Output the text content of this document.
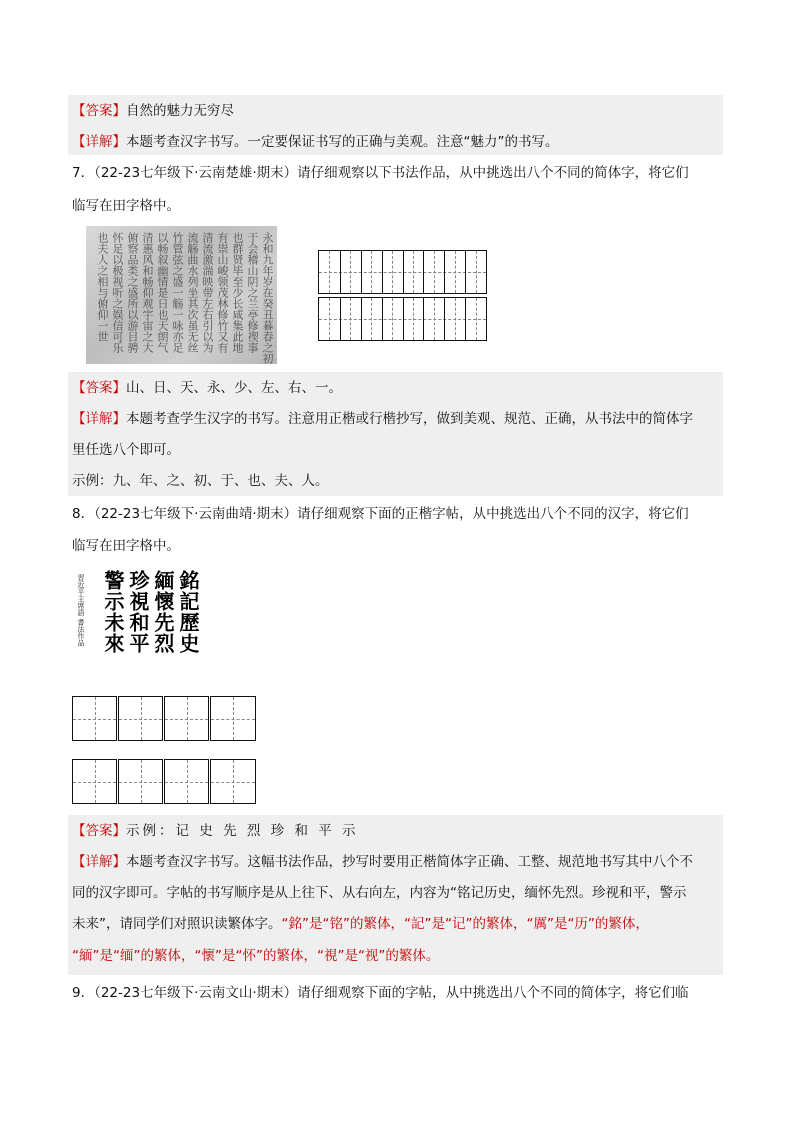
【答案】自然的魅力无穷尽
【详解】本题考查汉字书写。一定要保证书写的正确与美观。注意“魅力”的书写。
7．（22-23七年级下·云南楚雄·期末）请仔细观察以下书法作品，从中挑选出八个不同的简体字，将它们
临写在田字格中。
永和九年岁在癸丑暮春之初
于会稽山阴之兰亭修禊事
也群贤毕至少长咸集此地
有崇山峻领茂林修竹又有
清流激湍映带左右引以为
流觞曲水列坐其次虽无丝
竹管弦之盛一觞一咏亦足
以畅叙幽情是日也天朗气
清惠风和畅仰观宇宙之大
俯察品类之盛所以游目骋
怀足以极视听之娱信可乐
也夫人之相与俯仰一世
【答案】山、日、天、永、少、左、右、一。
【详解】本题考查学生汉字的书写。注意用正楷或行楷抄写，做到美观、规范、正确，从书法中的简体字
里任选八个即可。
示例：九、年、之、初、于、也、夫、人。
8．（22-23七年级下·云南曲靖·期末）请仔细观察下面的正楷字帖，从中挑选出八个不同的汉字，将它们
临写在田字格中。
銘記歷史
緬懷先烈
珍視和平
警示未來
習近平主席語 書法作品
【答案】示例：记 史 先 烈 珍 和 平 示
【详解】本题考查汉字书写。这幅书法作品，抄写时要用正楷简体字正确、工整、规范地书写其中八个不
同的汉字即可。字帖的书写顺序是从上往下、从右向左，内容为“铭记历史，缅怀先烈。珍视和平，警示
未来”，请同学们对照识读繁体字。“銘”是“铭”的繁体，“記”是“记”的繁体，“厲”是“历”的繁体，
“緬”是“缅”的繁体，“懷”是“怀”的繁体，“視”是“视”的繁体。
9．（22-23七年级下·云南文山·期末）请仔细观察下面的字帖，从中挑选出八个不同的简体字，将它们临
